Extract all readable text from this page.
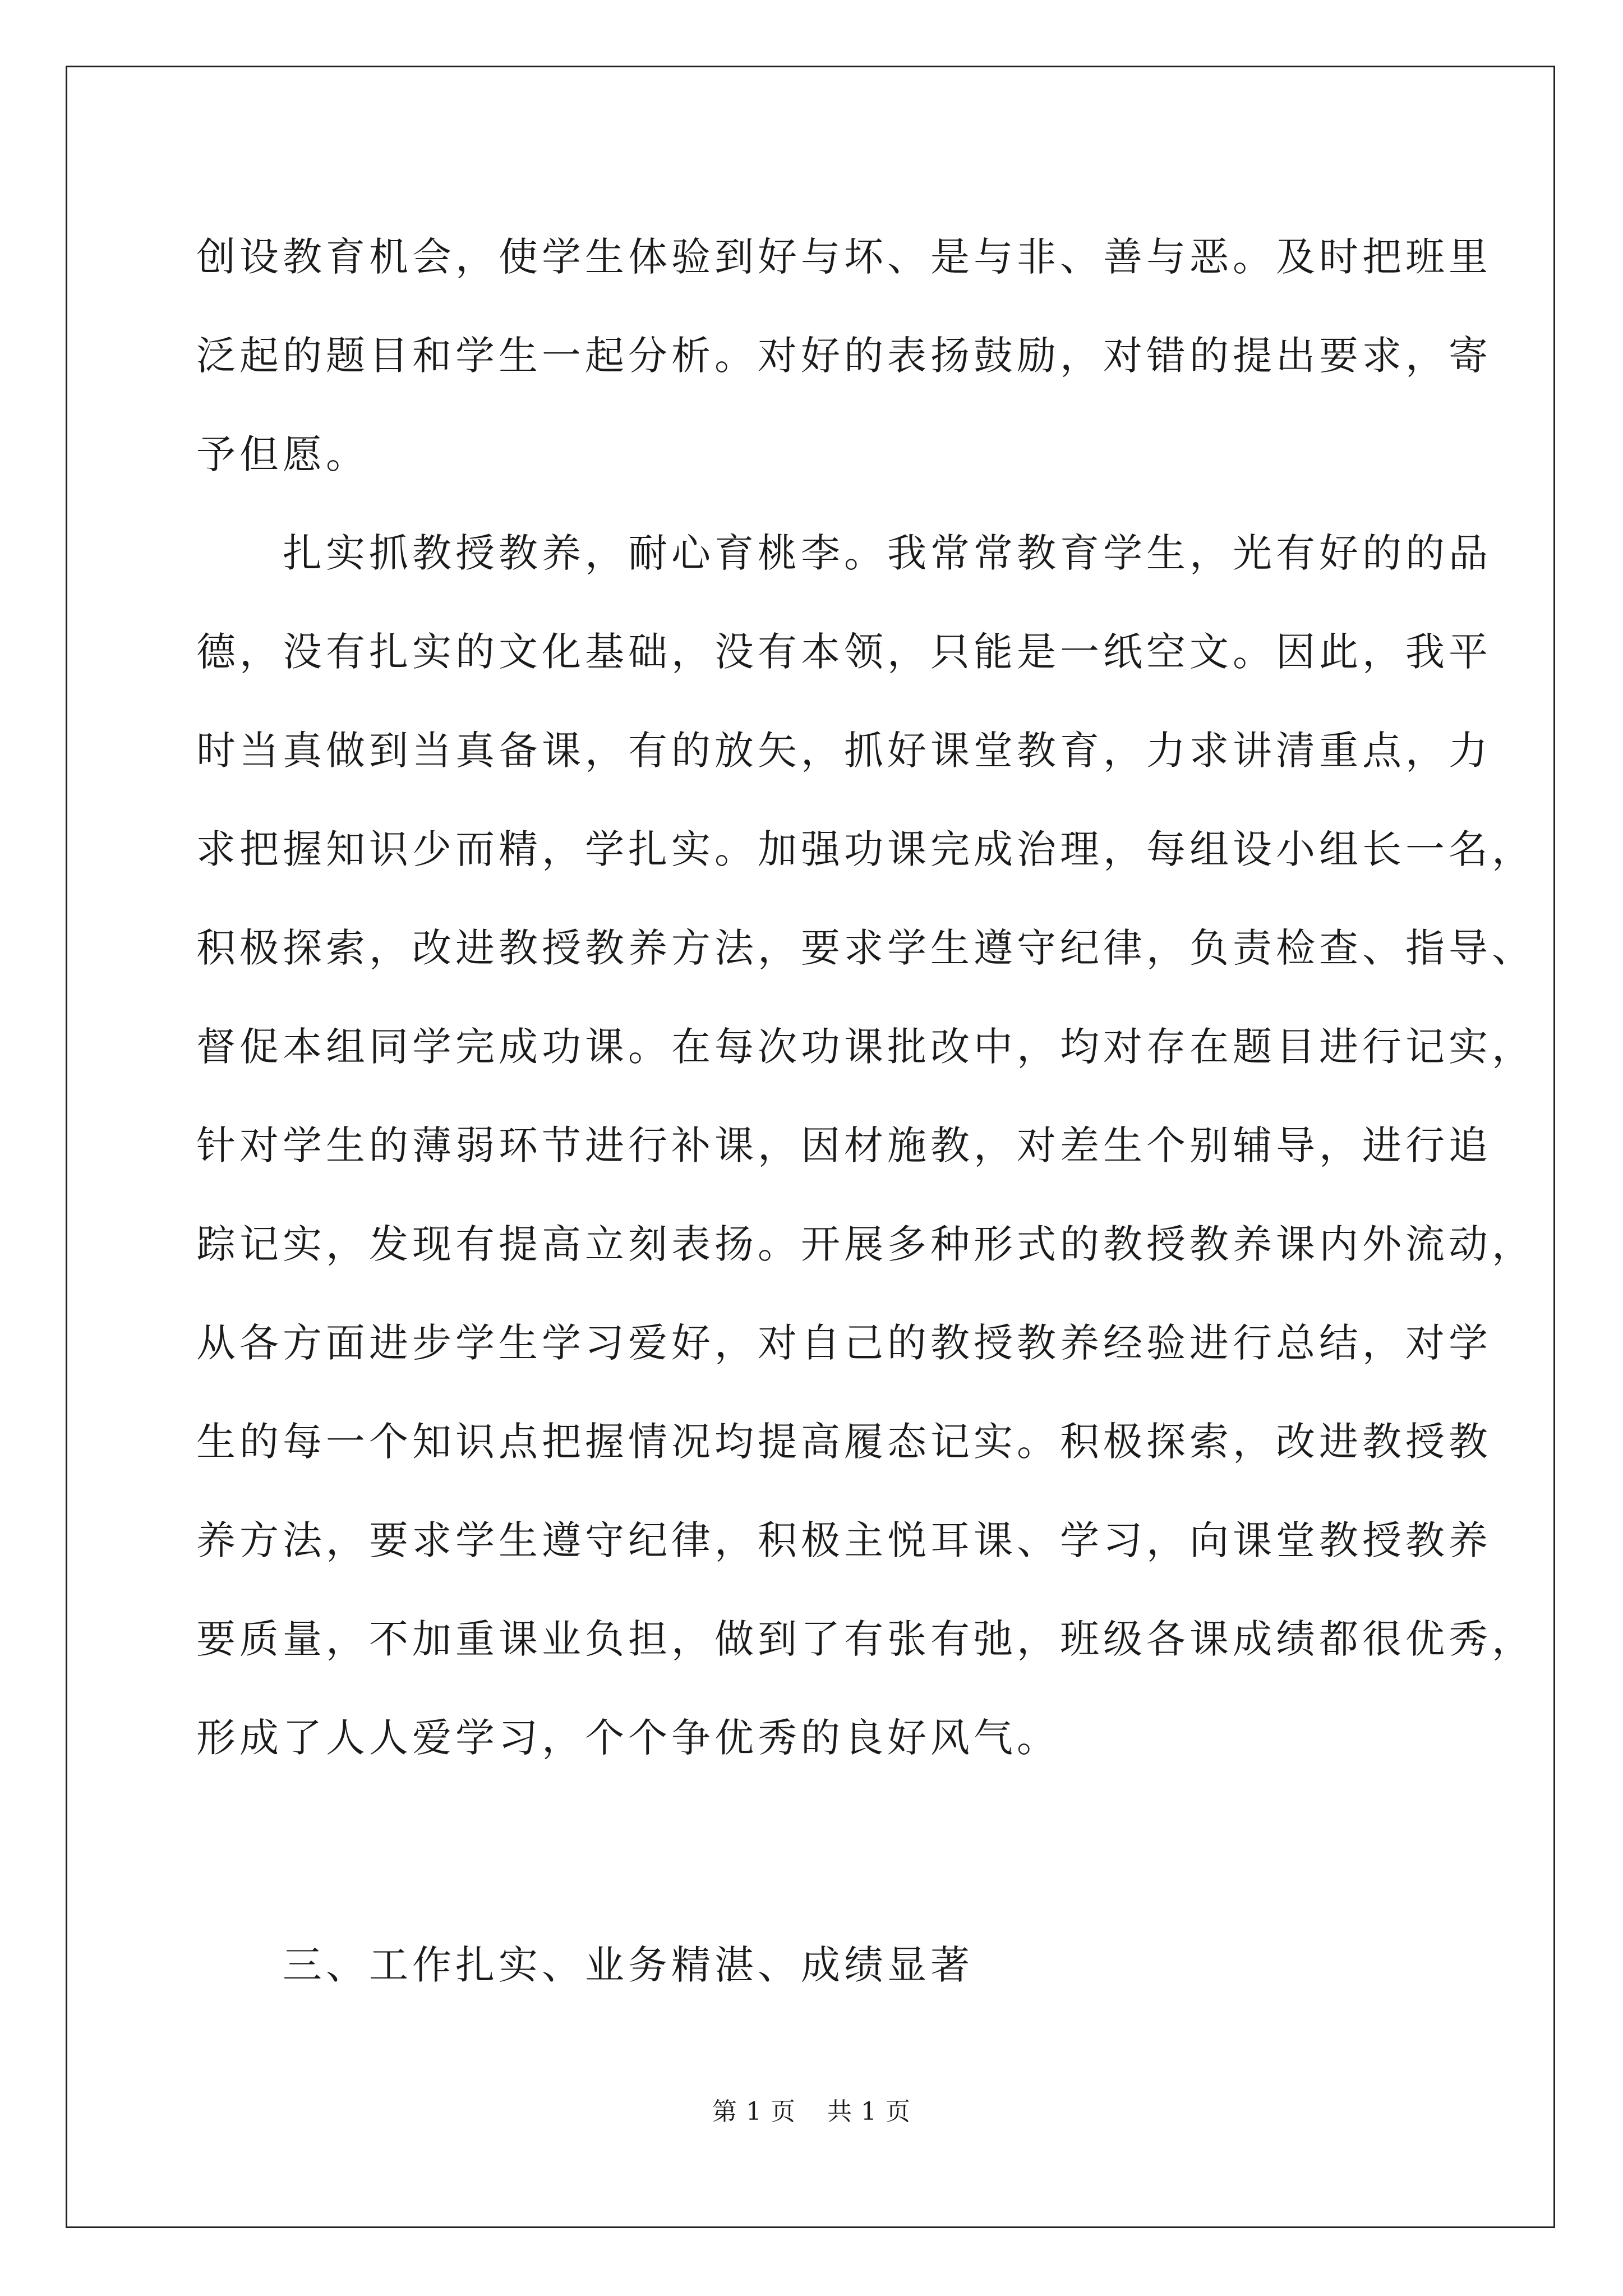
创设教育机会，使学生体验到好与坏、是与非、善与恶。及时把班里
泛起的题目和学生一起分析。对好的表扬鼓励，对错的提出要求，寄
予但愿。
　　扎实抓教授教养，耐心育桃李。我常常教育学生，光有好的的品
德，没有扎实的文化基础，没有本领，只能是一纸空文。因此，我平
时当真做到当真备课，有的放矢，抓好课堂教育，力求讲清重点，力
求把握知识少而精，学扎实。加强功课完成治理，每组设小组长一名，
积极探索，改进教授教养方法，要求学生遵守纪律，负责检查、指导、
督促本组同学完成功课。在每次功课批改中，均对存在题目进行记实，
针对学生的薄弱环节进行补课，因材施教，对差生个别辅导，进行追
踪记实，发现有提高立刻表扬。开展多种形式的教授教养课内外流动，
从各方面进步学生学习爱好，对自己的教授教养经验进行总结，对学
生的每一个知识点把握情况均提高履态记实。积极探索，改进教授教
养方法，要求学生遵守纪律，积极主悦耳课、学习，向课堂教授教养
要质量，不加重课业负担，做到了有张有弛，班级各课成绩都很优秀，
形成了人人爱学习，个个争优秀的良好风气。
　　三、工作扎实、业务精湛、成绩显著
第 1 页 共 1 页
